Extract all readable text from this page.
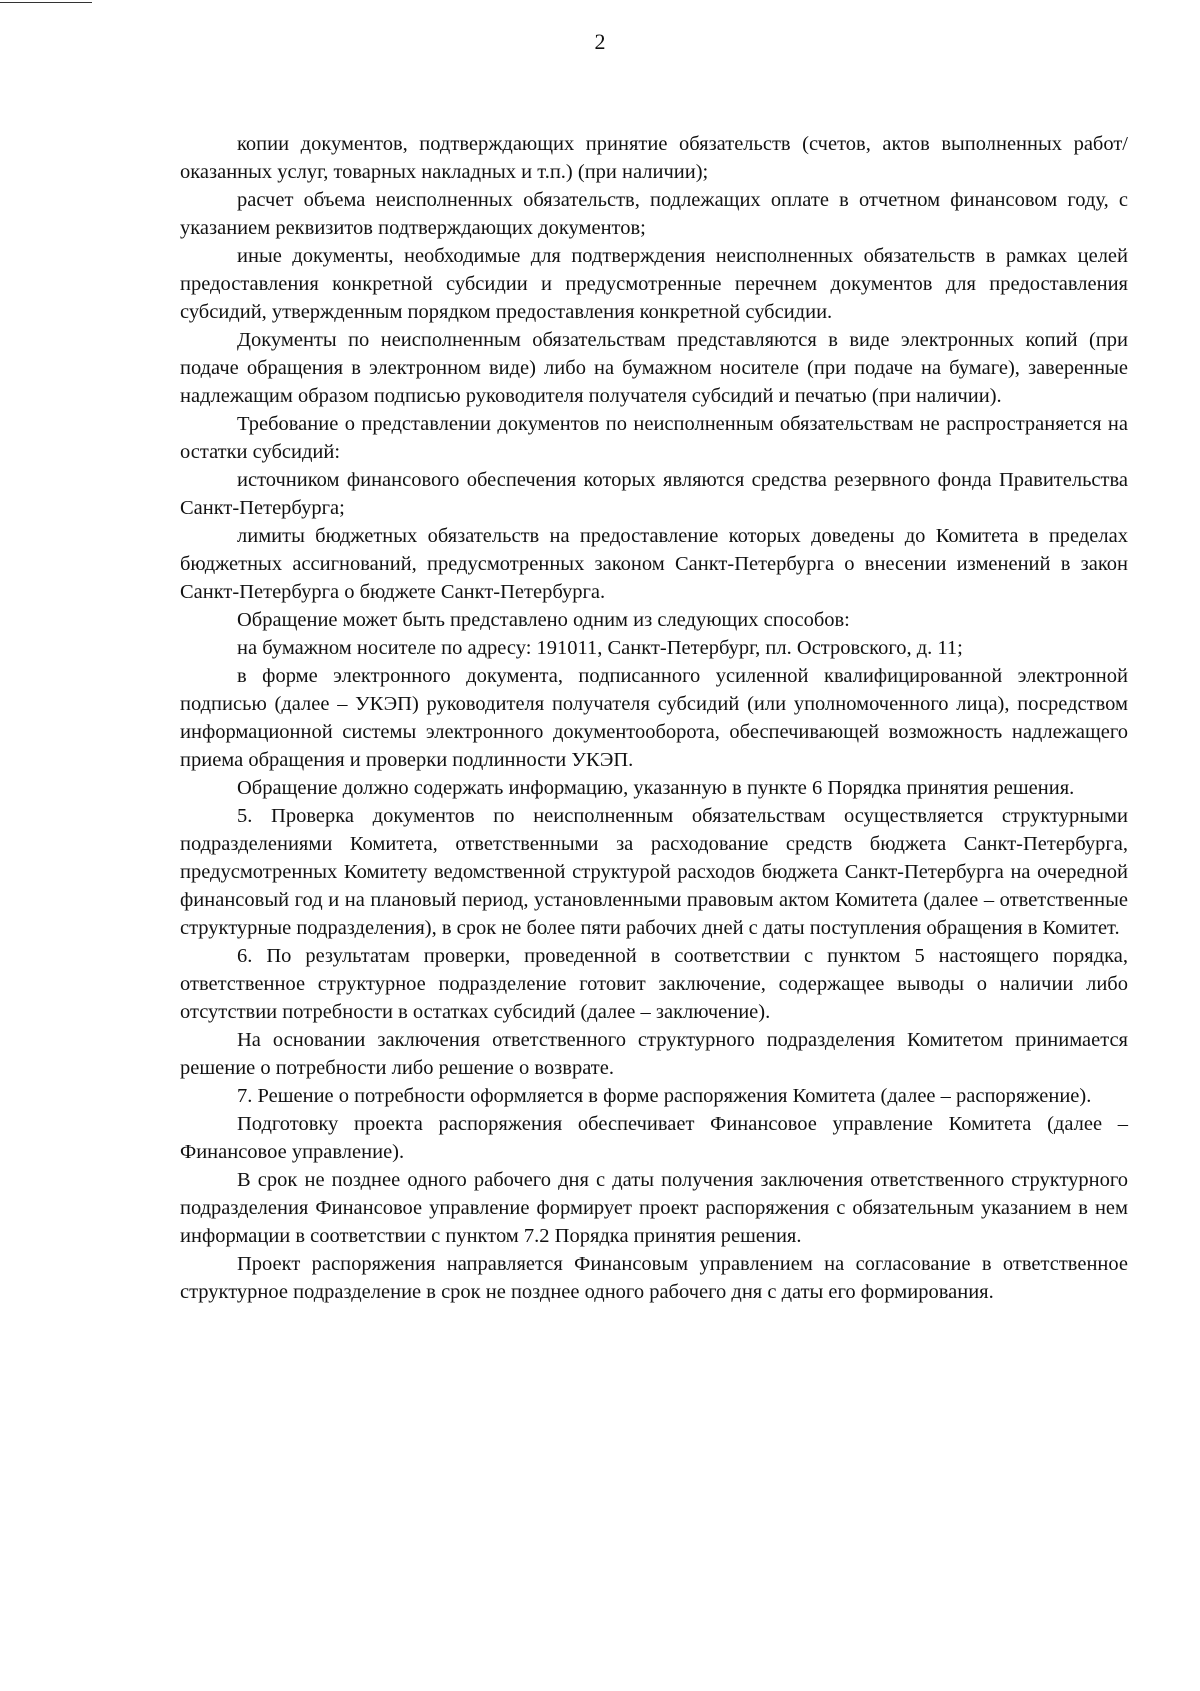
2

копии документов, подтверждающих принятие обязательств (счетов, актов выполненных работ/оказанных услуг, товарных накладных и т.п.) (при наличии);

расчет объема неисполненных обязательств, подлежащих оплате в отчетном финансовом году, с указанием реквизитов подтверждающих документов;

иные документы, необходимые для подтверждения неисполненных обязательств в рамках целей предоставления конкретной субсидии и предусмотренные перечнем документов для предоставления субсидий, утвержденным порядком предоставления конкретной субсидии.

Документы по неисполненным обязательствам представляются в виде электронных копий (при подаче обращения в электронном виде) либо на бумажном носителе (при подаче на бумаге), заверенные надлежащим образом подписью руководителя получателя субсидий и печатью (при наличии).

Требование о представлении документов по неисполненным обязательствам не распространяется на остатки субсидий:

источником финансового обеспечения которых являются средства резервного фонда Правительства Санкт-Петербурга;

лимиты бюджетных обязательств на предоставление которых доведены до Комитета в пределах бюджетных ассигнований, предусмотренных законом Санкт-Петербурга о внесении изменений в закон Санкт-Петербурга о бюджете Санкт-Петербурга.

Обращение может быть представлено одним из следующих способов:

на бумажном носителе по адресу: 191011, Санкт-Петербург, пл. Островского, д. 11;

в форме электронного документа, подписанного усиленной квалифицированной электронной подписью (далее – УКЭП) руководителя получателя субсидий (или уполномоченного лица), посредством информационной системы электронного документооборота, обеспечивающей возможность надлежащего приема обращения и проверки подлинности УКЭП.

Обращение должно содержать информацию, указанную в пункте 6 Порядка принятия решения.

5. Проверка документов по неисполненным обязательствам осуществляется структурными подразделениями Комитета, ответственными за расходование средств бюджета Санкт-Петербурга, предусмотренных Комитету ведомственной структурой расходов бюджета Санкт-Петербурга на очередной финансовый год и на плановый период, установленными правовым актом Комитета (далее – ответственные структурные подразделения), в срок не более пяти рабочих дней с даты поступления обращения в Комитет.

6. По результатам проверки, проведенной в соответствии с пунктом 5 настоящего порядка, ответственное структурное подразделение готовит заключение, содержащее выводы о наличии либо отсутствии потребности в остатках субсидий (далее – заключение).

На основании заключения ответственного структурного подразделения Комитетом принимается решение о потребности либо решение о возврате.

7. Решение о потребности оформляется в форме распоряжения Комитета (далее – распоряжение).

Подготовку проекта распоряжения обеспечивает Финансовое управление Комитета (далее – Финансовое управление).

В срок не позднее одного рабочего дня с даты получения заключения ответственного структурного подразделения Финансовое управление формирует проект распоряжения с обязательным указанием в нем информации в соответствии с пунктом 7.2 Порядка принятия решения.

Проект распоряжения направляется Финансовым управлением на согласование в ответственное структурное подразделение в срок не позднее одного рабочего дня с даты его формирования.
